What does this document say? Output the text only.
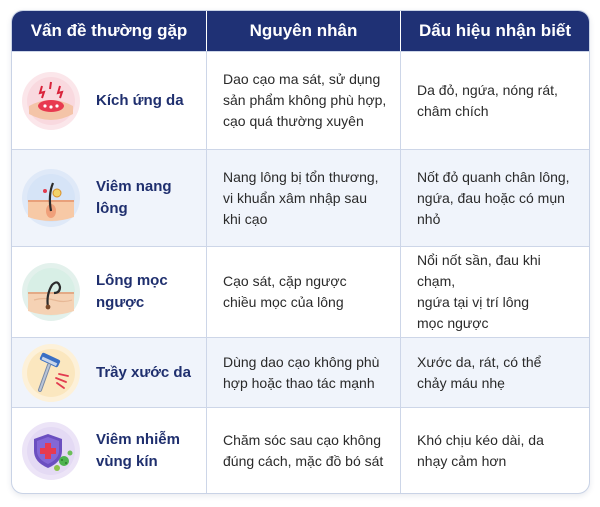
Vấn đề thường gặp	Nguyên nhân	Dấu hiệu nhận biết
Kích ứng da
Dao cạo ma sát, sử dụng
sản phẩm không phù hợp,
cạo quá thường xuyên
Da đỏ, ngứa, nóng rát,
châm chích
Viêm nang lông
Nang lông bị tổn thương,
vi khuẩn xâm nhập sau
khi cạo
Nốt đỏ quanh chân lông,
ngứa, đau hoặc có mụn nhỏ
Lông mọc ngược
Cạo sát, cặp ngược
chiều mọc của lông
Nổi nốt sần, đau khi chạm,
ngứa tại vị trí lông
mọc ngược
Trầy xước da
Dùng dao cạo không phù
hợp hoặc thao tác mạnh
Xước da, rát, có thể
chảy máu nhẹ
Viêm nhiễm
vùng kín
Chăm sóc sau cạo không
đúng cách, mặc đồ bó sát
Khó chịu kéo dài, da
nhạy cảm hơn
